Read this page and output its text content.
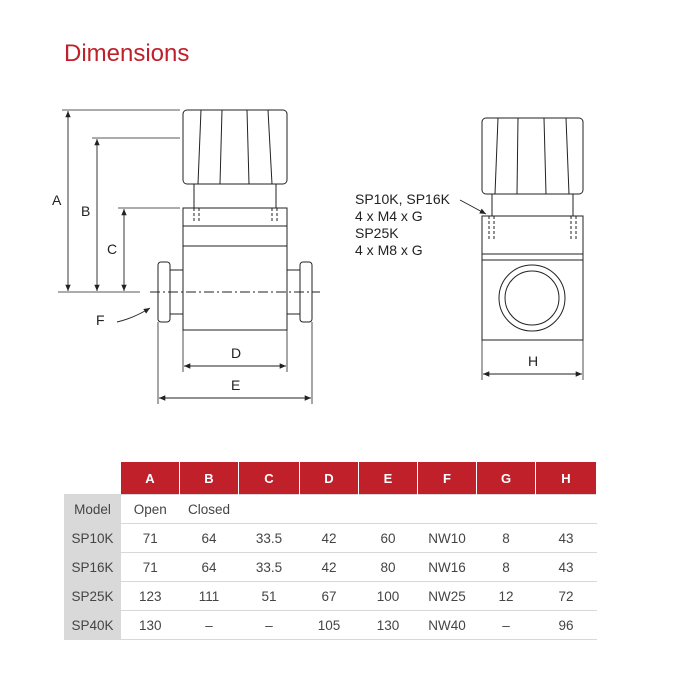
Dimensions
A
B
C
D
E
F
H
SP10K, SP16K
4 x M4 x G
SP25K
4 x M8 x G
	A	B	C	D	E	F	G	H
Model	Open	Closed						
SP10K	71	64	33.5	42	60	NW10	8	43
SP16K	71	64	33.5	42	80	NW16	8	43
SP25K	123	111	51	67	100	NW25	12	72
SP40K	130	–	–	105	130	NW40	–	96
